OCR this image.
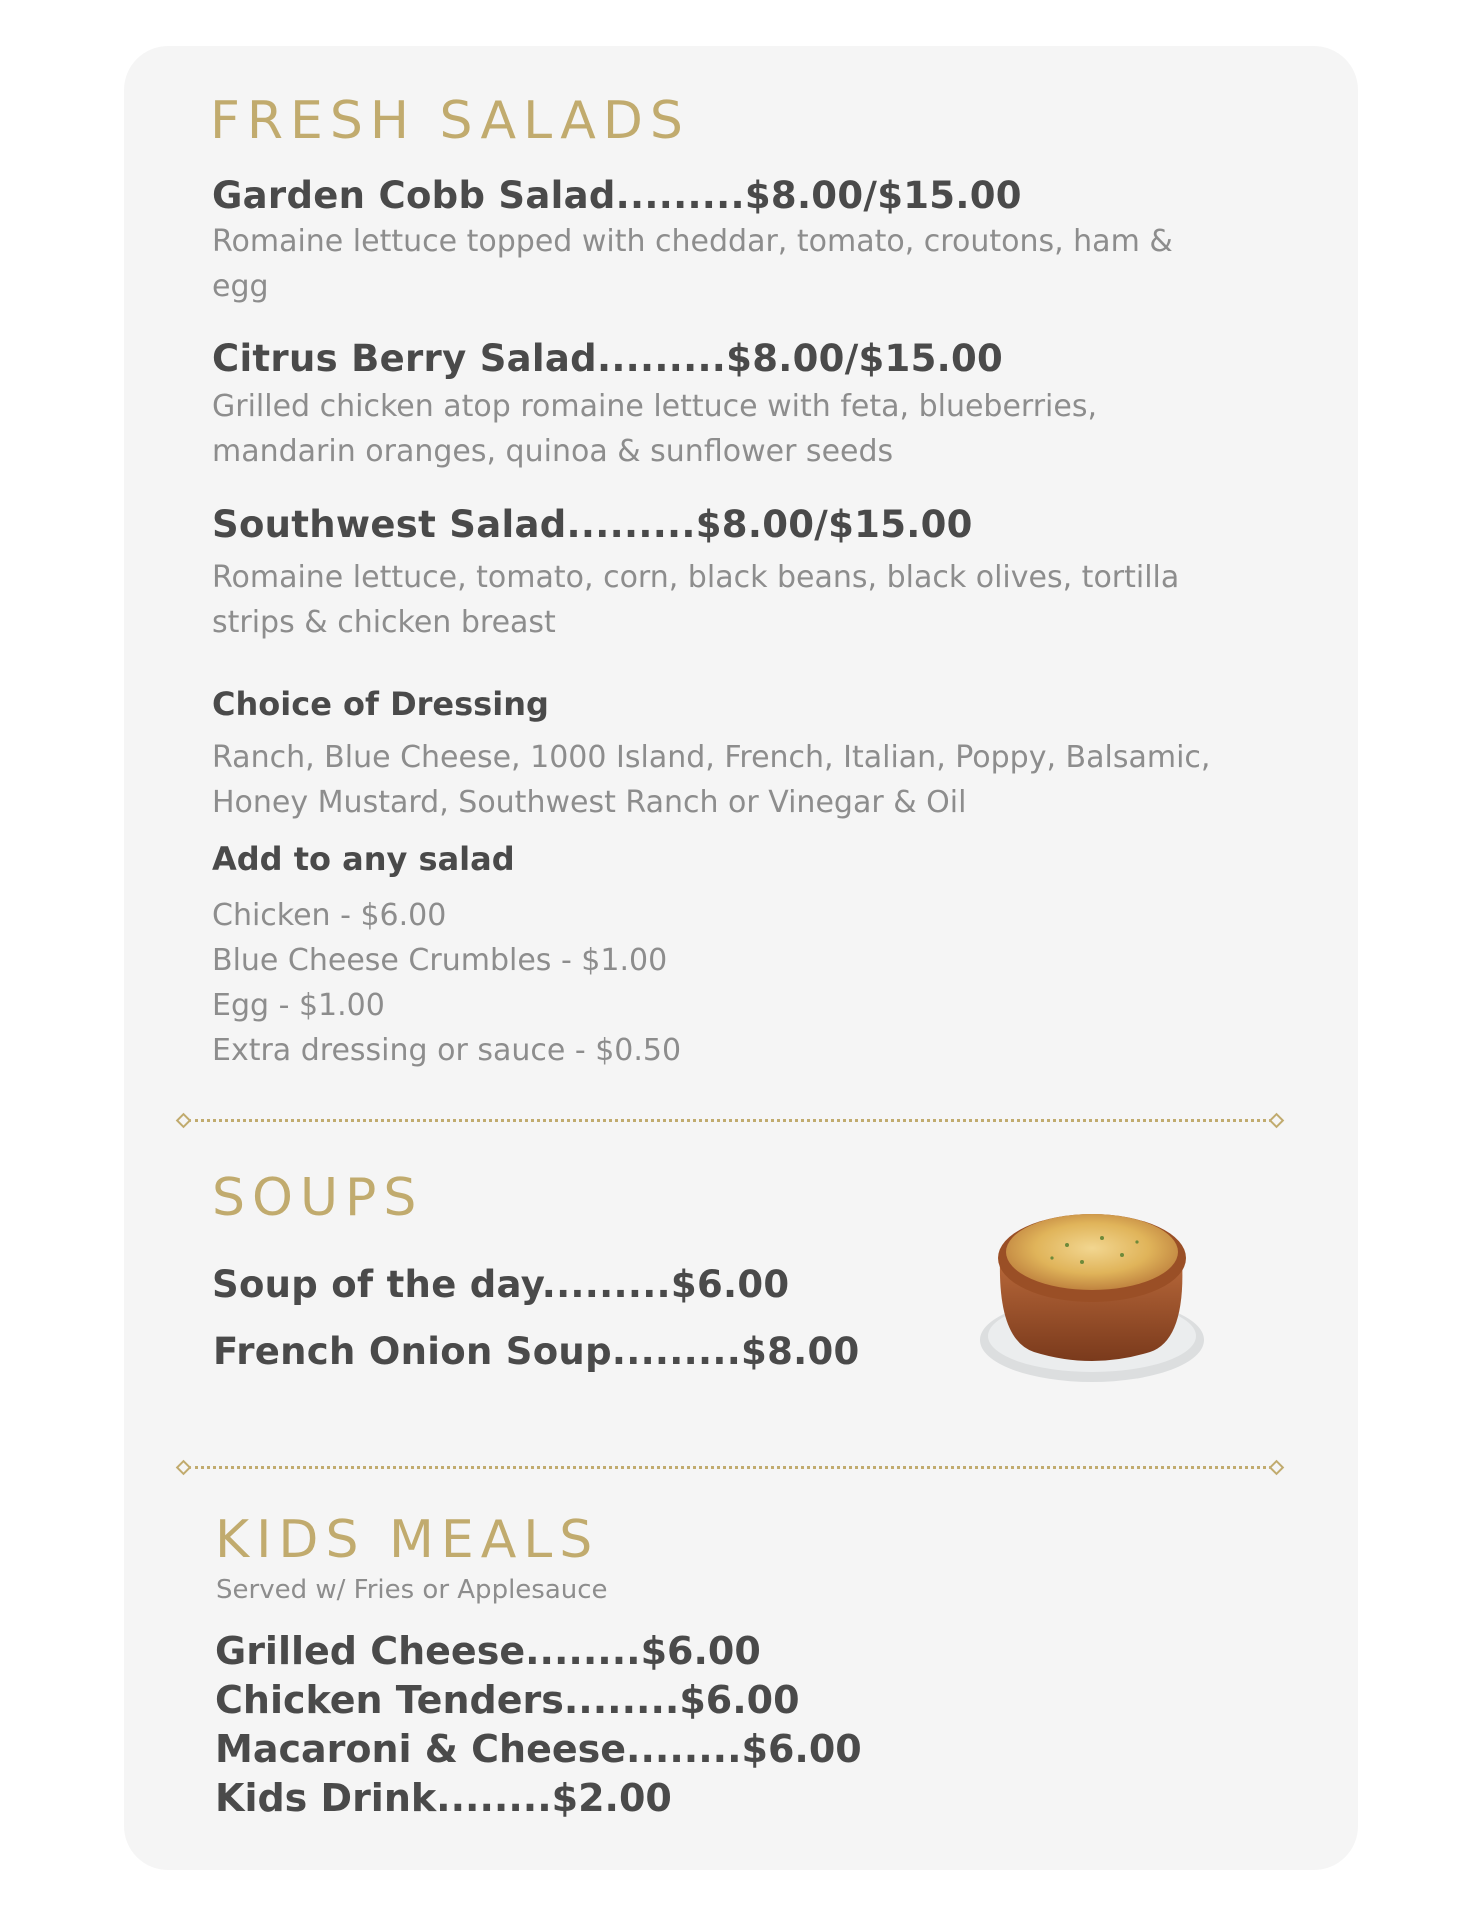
FRESH SALADS
Garden Cobb Salad.........$8.00/$15.00
Romaine lettuce topped with cheddar, tomato, croutons, ham & egg
Citrus Berry Salad.........$8.00/$15.00
Grilled chicken atop romaine lettuce with feta, blueberries, mandarin oranges, quinoa & sunflower seeds
Southwest Salad.........$8.00/$15.00
Romaine lettuce, tomato, corn, black beans, black olives, tortilla strips & chicken breast
Choice of Dressing
Ranch, Blue Cheese, 1000 Island, French, Italian, Poppy, Balsamic, Honey Mustard, Southwest Ranch or Vinegar & Oil
Add to any salad
Chicken - $6.00
Blue Cheese Crumbles - $1.00
Egg - $1.00
Extra dressing or sauce - $0.50
SOUPS
Soup of the day.........$6.00
French Onion Soup.........$8.00
KIDS MEALS
Served w/ Fries or Applesauce
Grilled Cheese........$6.00
Chicken Tenders........$6.00
Macaroni & Cheese........$6.00
Kids Drink........$2.00
